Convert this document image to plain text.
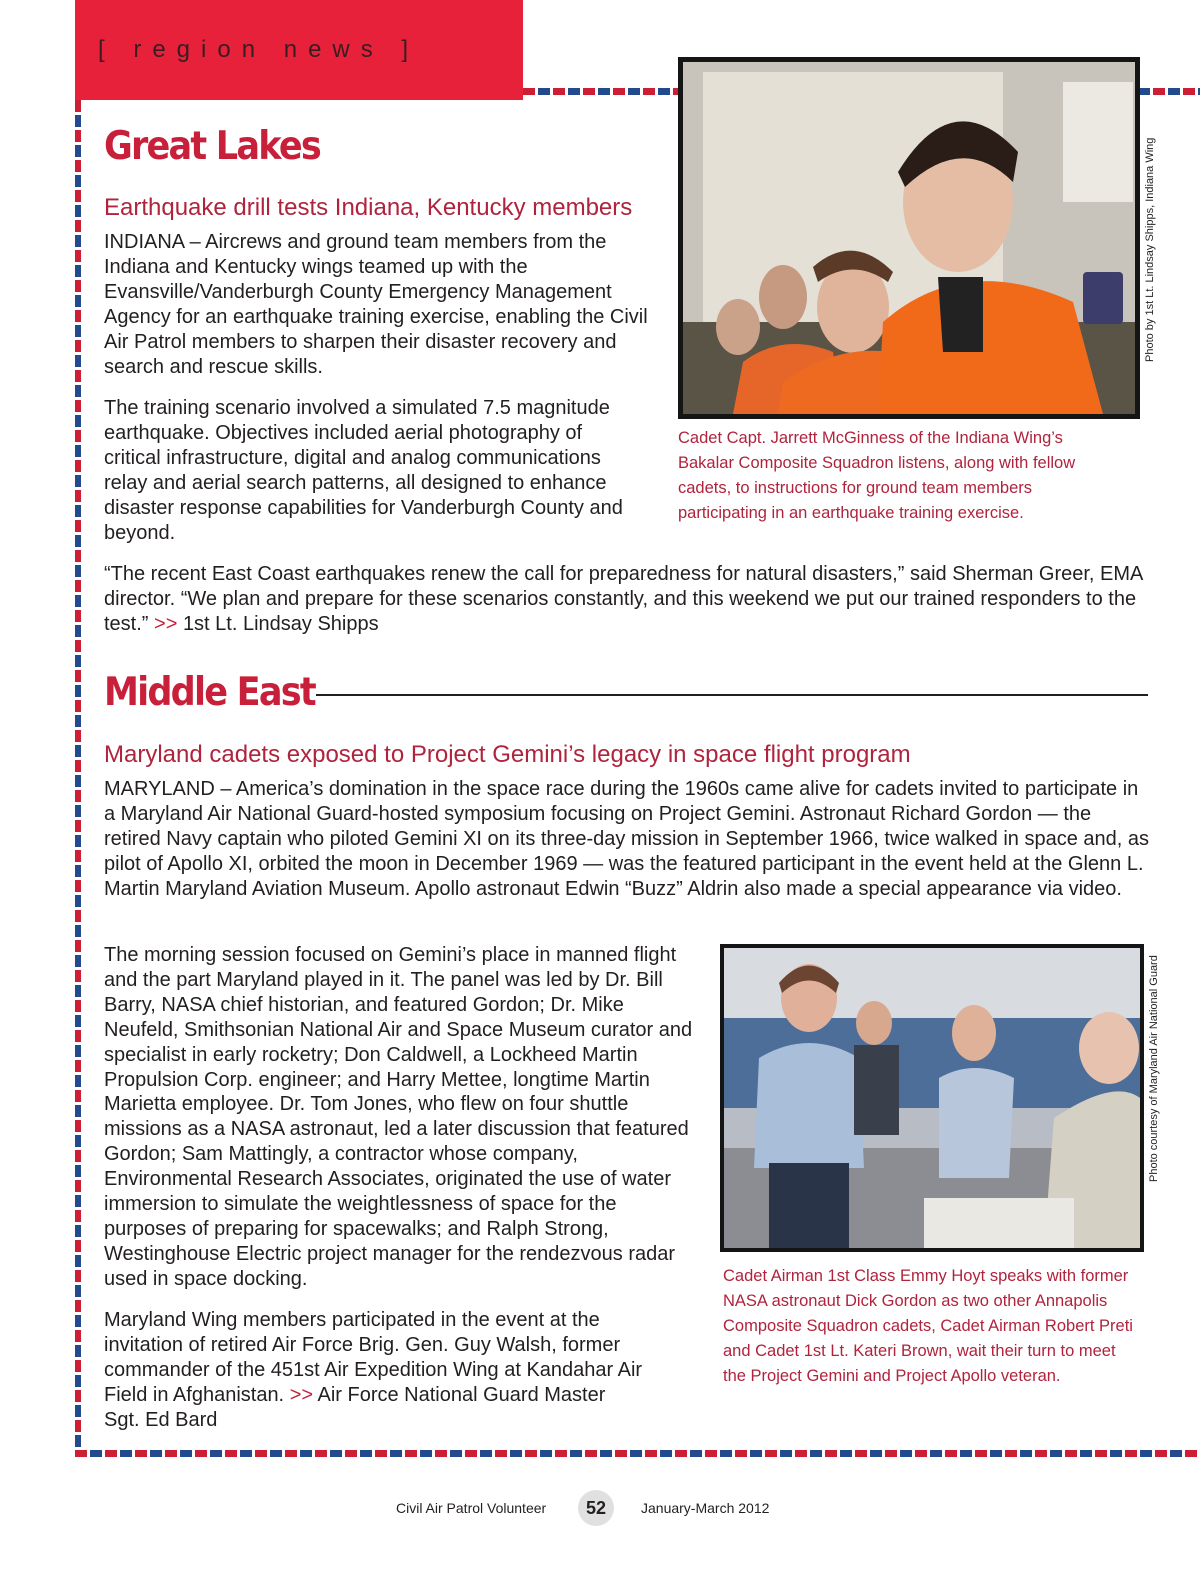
[ region news ]
Great Lakes
Earthquake drill tests Indiana, Kentucky members

INDIANA – Aircrews and ground team members from the Indiana and Kentucky wings teamed up with the Evansville/Vanderburgh County Emergency Management Agency for an earthquake training exercise, enabling the Civil Air Patrol members to sharpen their disaster recovery and search and rescue skills.

The training scenario involved a simulated 7.5 magnitude earthquake. Objectives included aerial photography of critical infrastructure, digital and analog communications relay and aerial search patterns, all designed to enhance disaster response capabilities for Vanderburgh County and beyond.

“The recent East Coast earthquakes renew the call for preparedness for natural disasters,” said Sherman Greer, EMA director. “We plan and prepare for these scenarios constantly, and this weekend we put our trained responders to the test.” >> 1st Lt. Lindsay Shipps

Photo by 1st Lt. Lindsay Shipps, Indiana Wing

Cadet Capt. Jarrett McGinness of the Indiana Wing’s Bakalar Composite Squadron listens, along with fellow cadets, to instructions for ground team members participating in an earthquake training exercise.

Middle East
Maryland cadets exposed to Project Gemini’s legacy in space flight program

MARYLAND – America’s domination in the space race during the 1960s came alive for cadets invited to participate in a Maryland Air National Guard-hosted symposium focusing on Project Gemini. Astronaut Richard Gordon — the retired Navy captain who piloted Gemini XI on its three-day mission in September 1966, twice walked in space and, as pilot of Apollo XI, orbited the moon in December 1969 — was the featured participant in the event held at the Glenn L. Martin Maryland Aviation Museum. Apollo astronaut Edwin “Buzz” Aldrin also made a special appearance via video.

The morning session focused on Gemini’s place in manned flight and the part Maryland played in it. The panel was led by Dr. Bill Barry, NASA chief historian, and featured Gordon; Dr. Mike Neufeld, Smithsonian National Air and Space Museum curator and specialist in early rocketry; Don Caldwell, a Lockheed Martin Propulsion Corp. engineer; and Harry Mettee, longtime Martin Marietta employee. Dr. Tom Jones, who flew on four shuttle missions as a NASA astronaut, led a later discussion that featured Gordon; Sam Mattingly, a contractor whose company, Environmental Research Associates, originated the use of water immersion to simulate the weightlessness of space for the purposes of preparing for spacewalks; and Ralph Strong, Westinghouse Electric project manager for the rendezvous radar used in space docking.

Maryland Wing members participated in the event at the invitation of retired Air Force Brig. Gen. Guy Walsh, former commander of the 451st Air Expedition Wing at Kandahar Air Field in Afghanistan. >> Air Force National Guard Master Sgt. Ed Bard

Photo courtesy of Maryland Air National Guard

Cadet Airman 1st Class Emmy Hoyt speaks with former NASA astronaut Dick Gordon as two other Annapolis Composite Squadron cadets, Cadet Airman Robert Preti and Cadet 1st Lt. Kateri Brown, wait their turn to meet the Project Gemini and Project Apollo veteran.

Civil Air Patrol Volunteer	52	January-March 2012
